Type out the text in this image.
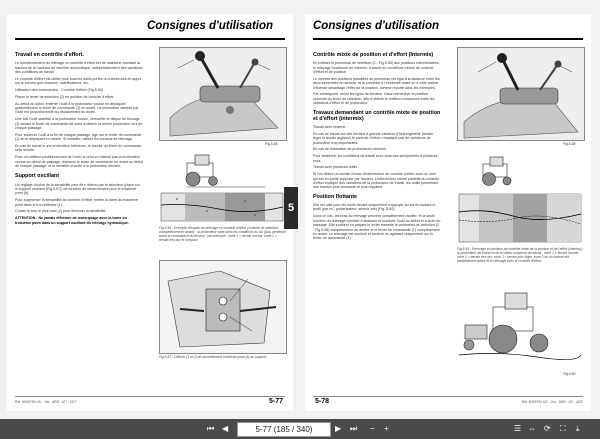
Consignes d'utilisation
Travail en contrôle d'effort.

Le fonctionnement du relevage en contrôle d'effort est de maintenir constant la traction de la machine de manière automatique, indépendamment des variations des conditions de travail.

Le contrôle d'effort est utilisé pour tous les outils portés ou traînés tout en appui sur le sol tels que charrues, scarificateurs, etc.

Utilisation des commandes - Contrôle d'effort (Fig.5-55)

Placer le levier de sélection (2) en position de contrôle d'effort.

Au début du sillon, enterrer l'outil à la profondeur voulue en déplaçant graduellement le levier de commande (1) en avant. La profondeur atteinte par l'outil est proportionnelle au déplacement du levier.

Une fois l'outil stabilisé à la profondeur voulue, verrouiller le disque de blocage (3) devant le levier de commande de sorte à obtenir la même profondeur lors de chaque passage.

Pour soulever l'outil à la fin de chaque passage, agir sur le levier de commande (1) en le déplaçant en arrière. Si installée, utiliser les boutons de relevage.

En cas de travail à une profondeur inférieure, le courbe du levier de commande sera réduite.

Pour un meilleur positionnement de l'outil, si celui-ci n'atteint pas la profondeur voulue en début de passage, déplacer le levier de commande en avant au début de chaque passage, et le remettre ensuite à la profondeur désirée.

Support oscillant

Un réglage d'usine de la sensibilité peut être obtenu par le sélecteur (placé sur le support oscillant (Fig.5-57)) de fonction de retournement pour le troisième point (8).

Pour augmenter la sensibilité du contrôle d'effort, mettre la barre du troisième point dans le trou inférieur (1).

Choisir le trou le plus haut (2) pour diminuer la sensibilité.

ATTENTION : Ne jamais effectuer de remorquage avec la barre du troisième point dans un support oscillant du relevage hydraulique.

Fig.5-55
Fig.5-56 - Exemple d'emploi du relevage en contrôle d'effort (contrôle de sélection complètement en avant) : la profondeur varie avec les conditions du sol (plus pénétrant selon la consistance du terrain) : par exemple : zone 1 = terrain normal, zone 2 = terrain très dur et compact.
Fig.5-57 - Orifices (1 et 2) de raccordement troisième point (à) au support.
Réf. 6005790 US - Jris - AEB - ATI - ADT	5-77
5
Consignes d'utilisation
Contrôle mixte de position et d'effort (Intermix)

En mettant le pommeau de sélection (2 - Fig.5-58) aux positions intermédiaires, le relevage fonctionne en intermix, à savoir en conditions mixtes de contrôle d'effort et de position.

Le nombre des positions possibles du pommeau est égal à la distance entre les deux extrémités du secteur, et la proximité à l'extrémité avant ou à celle arrière influence davantage l'effet sur la position, comme reporté dans les exemples.

Par conséquent, selon les types de terrains, il faut rechercher la position optimale du levier de sélection, afin d'obtenir le meilleur compromis entre les variations d'effort et de profondeur.

Travaux demandant un contrôle mixte de position et d'effort (intermix)

Travail avec charrue :

En cas de travail sur des terrains à grande variation d'hétérogénéité (terrain léger et terrain argileux) le contrôle d'effort n'implique pas de variations de profondeur trop importantes.

En cas de réalisation de profondeurs minimes.

Pour améliorer les conditions de travail avec charrues semiportées à plusieurs socs.

Travail avec plusieurs outils :

Si l'on désire un certain niveau d'intervention du contrôle d'effort avec un outil qui est en partie supporté par tracteur. L'intervention même partielle du contrôle d'effort implique des variations de la profondeur de travail, les outils permettant une traction plus constante et plus régulière.

Position flottante

Elle est utile pour les outils devant uniquement s'appuyer au sol en suivant le profil (par ex., pulvérisateur, semoir, etc) (Fig. 5-60).

Dans ce cas, les bras du relevage peuvent complètement osciller, et la seule fonction du relevage consiste à abaisser et soulever l'outil au début et à la fin du passage. Elle s'obtient en plaçant le levier manette le pommeau de sélection (2 - Fig.5-58) complètement en arrière et le levier de commande (1) complètement en avant. Le relevage est soulevé et soulevé en agissant uniquement sur le levier de commande (1).

Fig.5-58
Fig.5-59 - Relevage en position de contrôle mixte de la position et de l'effort (intermix) : la profondeur de travail et de la valeur moyenne du travail - zone 1 = terrain normal, zone 2 = terrain très dur, zone 3 = terrain plus léger, zone 3 où la charrue est partiellement active et le relevage avec le contrôle d'effort.
Fig.5-60
5-78	Réf. 6005790 US - Jris - AEB - ATI - ADT
⏮ ◀	5-77 (185 / 340)	▶ ⏭ − +	☰ ⇔ ⟳ ⛶ ⤓
